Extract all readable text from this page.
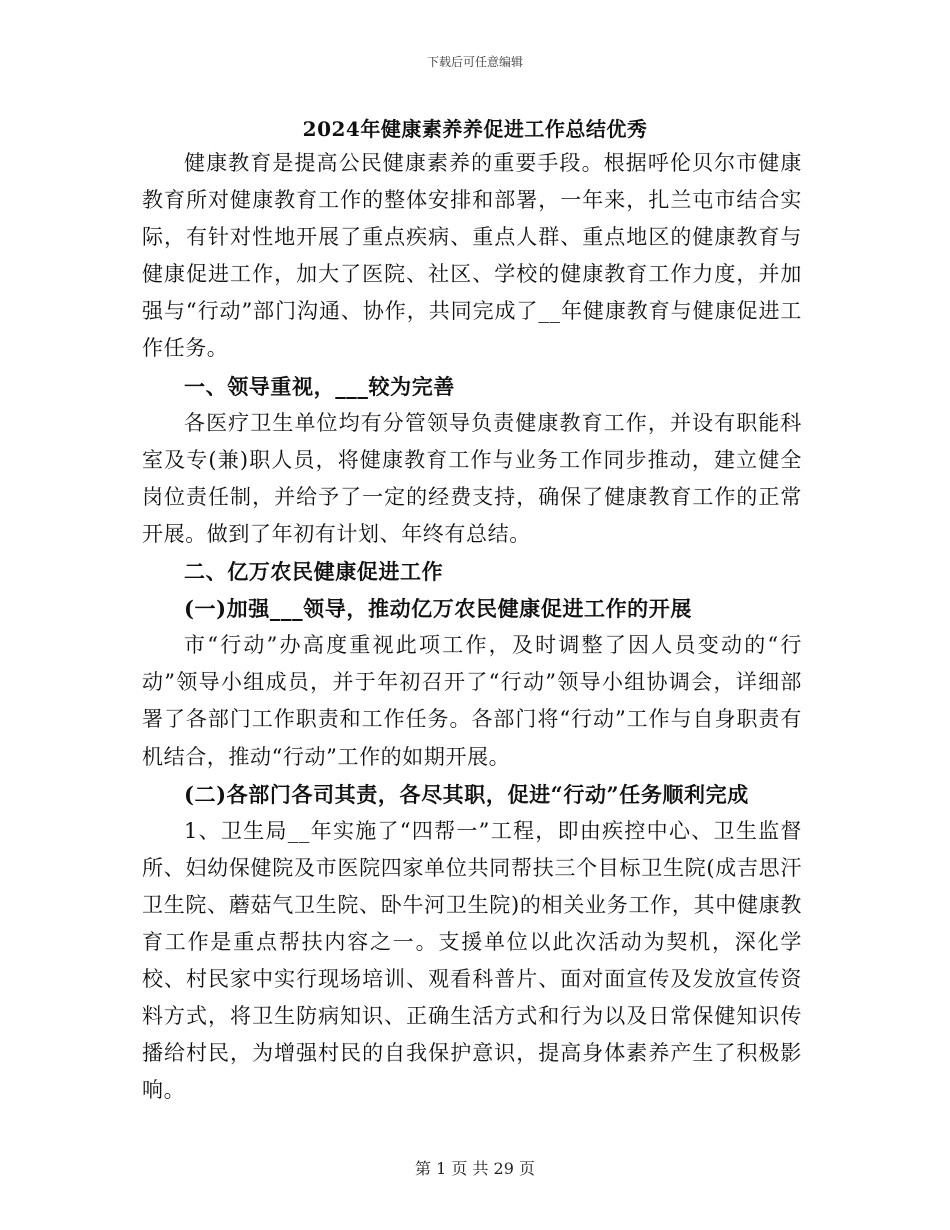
下载后可任意编辑
2024年健康素养养促进工作总结优秀

健康教育是提高公民健康素养的重要手段。根据呼伦贝尔市健康教育所对健康教育工作的整体安排和部署，一年来，扎兰屯市结合实际，有针对性地开展了重点疾病、重点人群、重点地区的健康教育与健康促进工作，加大了医院、社区、学校的健康教育工作力度，并加强与“行动”部门沟通、协作，共同完成了__年健康教育与健康促进工作任务。

一、领导重视，___较为完善

各医疗卫生单位均有分管领导负责健康教育工作，并设有职能科室及专(兼)职人员，将健康教育工作与业务工作同步推动，建立健全岗位责任制，并给予了一定的经费支持，确保了健康教育工作的正常开展。做到了年初有计划、年终有总结。

二、亿万农民健康促进工作

(一)加强___领导，推动亿万农民健康促进工作的开展

市“行动”办高度重视此项工作，及时调整了因人员变动的“行动”领导小组成员，并于年初召开了“行动”领导小组协调会，详细部署了各部门工作职责和工作任务。各部门将“行动”工作与自身职责有机结合，推动“行动”工作的如期开展。

(二)各部门各司其责，各尽其职，促进“行动”任务顺利完成

1、卫生局__年实施了“四帮一”工程，即由疾控中心、卫生监督所、妇幼保健院及市医院四家单位共同帮扶三个目标卫生院(成吉思汗卫生院、蘑菇气卫生院、卧牛河卫生院)的相关业务工作，其中健康教育工作是重点帮扶内容之一。支援单位以此次活动为契机，深化学校、村民家中实行现场培训、观看科普片、面对面宣传及发放宣传资料方式，将卫生防病知识、正确生活方式和行为以及日常保健知识传播给村民，为增强村民的自我保护意识，提高身体素养产生了积极影响。

第 1 页 共 29 页
